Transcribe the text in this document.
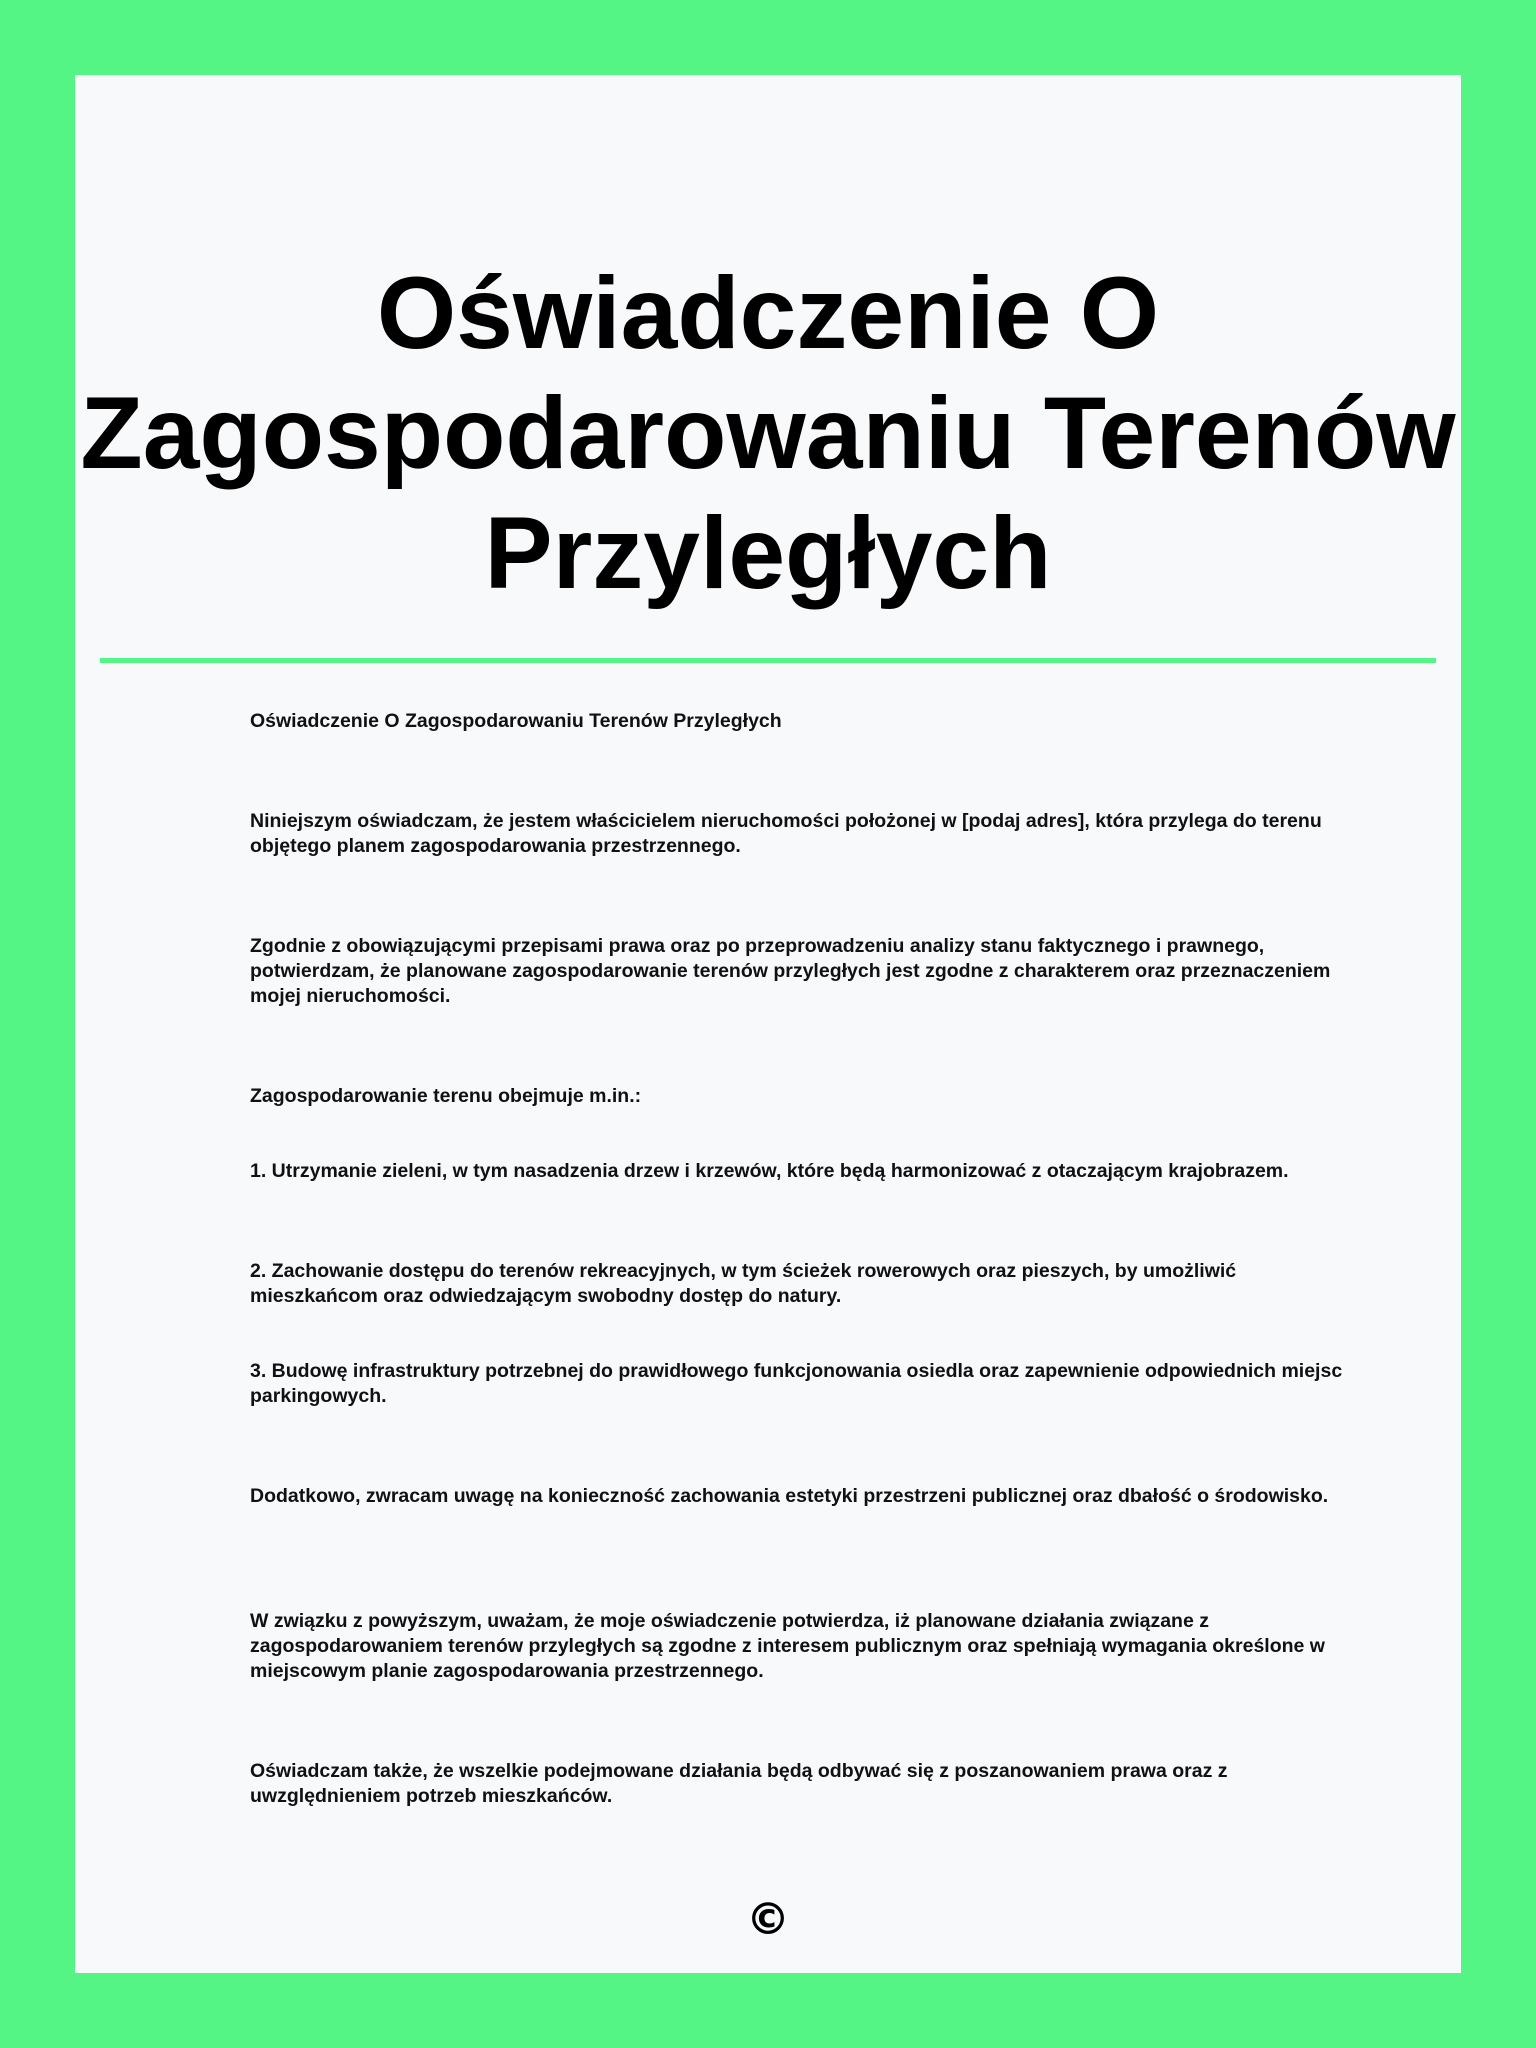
Oświadczenie O Zagospodarowaniu Terenów Przyległych

Oświadczenie O Zagospodarowaniu Terenów Przyległych

Niniejszym oświadczam, że jestem właścicielem nieruchomości położonej w [podaj adres], która przylega do terenu objętego planem zagospodarowania przestrzennego.

Zgodnie z obowiązującymi przepisami prawa oraz po przeprowadzeniu analizy stanu faktycznego i prawnego, potwierdzam, że planowane zagospodarowanie terenów przyległych jest zgodne z charakterem oraz przeznaczeniem mojej nieruchomości.

Zagospodarowanie terenu obejmuje m.in.:

1. Utrzymanie zieleni, w tym nasadzenia drzew i krzewów, które będą harmonizować z otaczającym krajobrazem.

2. Zachowanie dostępu do terenów rekreacyjnych, w tym ścieżek rowerowych oraz pieszych, by umożliwić mieszkańcom oraz odwiedzającym swobodny dostęp do natury.

3. Budowę infrastruktury potrzebnej do prawidłowego funkcjonowania osiedla oraz zapewnienie odpowiednich miejsc parkingowych.

Dodatkowo, zwracam uwagę na konieczność zachowania estetyki przestrzeni publicznej oraz dbałość o środowisko.

W związku z powyższym, uważam, że moje oświadczenie potwierdza, iż planowane działania związane z zagospodarowaniem terenów przyległych są zgodne z interesem publicznym oraz spełniają wymagania określone w miejscowym planie zagospodarowania przestrzennego.

Oświadczam także, że wszelkie podejmowane działania będą odbywać się z poszanowaniem prawa oraz z uwzględnieniem potrzeb mieszkańców.

©
